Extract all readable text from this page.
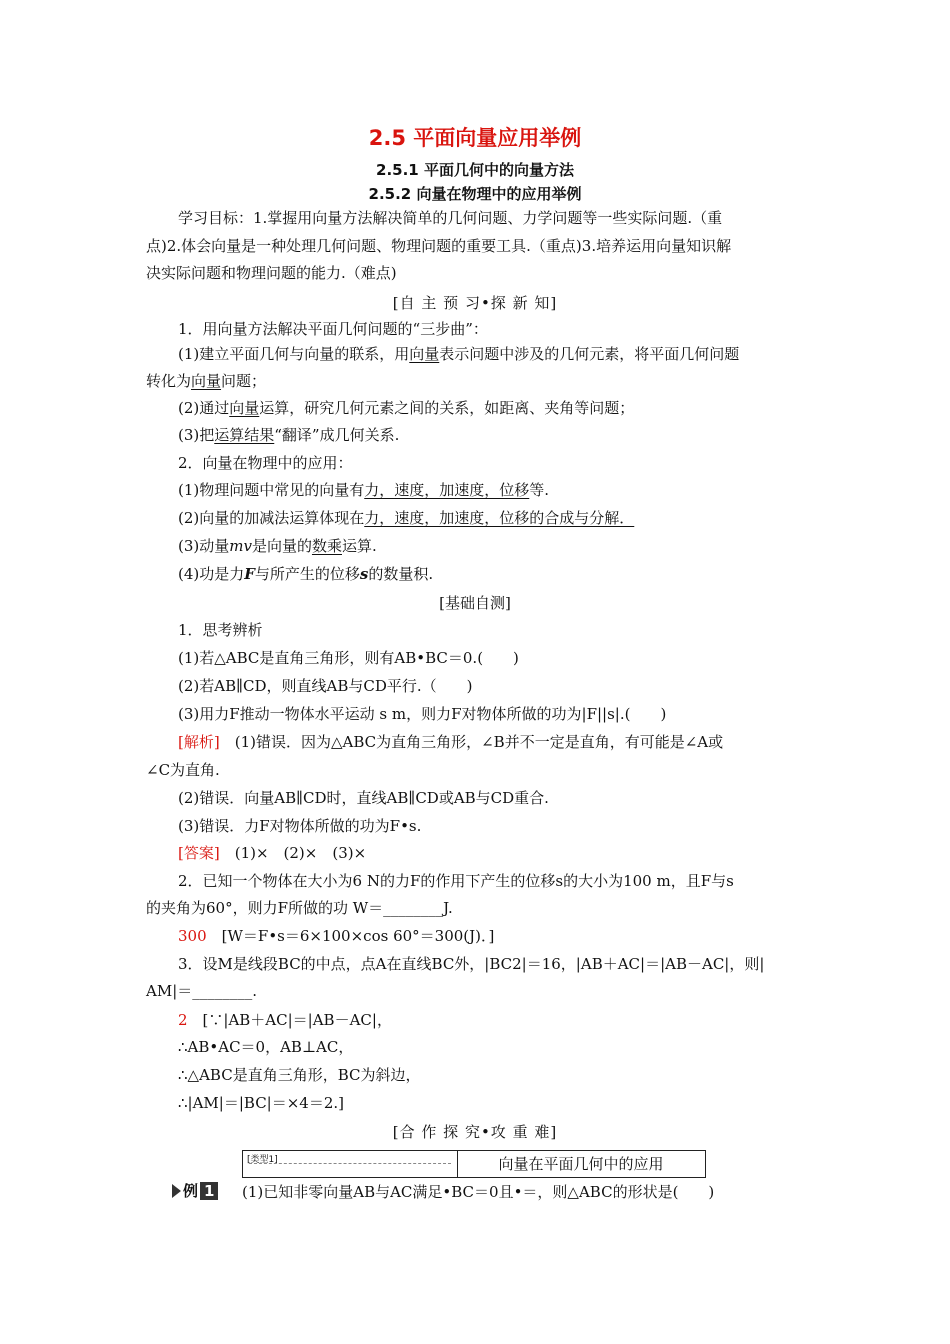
2.5 平面向量应用举例
2.5.1 平面几何中的向量方法
2.5.2 向量在物理中的应用举例
学习目标：1.掌握用向量方法解决简单的几何问题、力学问题等一些实际问题.（重
点)2.体会向量是一种处理几何问题、物理问题的重要工具.（重点)3.培养运用向量知识解
决实际问题和物理问题的能力.（难点)
[自 主 预 习•探 新 知]
1．用向量方法解决平面几何问题的“三步曲”：
(1)建立平面几何与向量的联系，用向量表示问题中涉及的几何元素，将平面几何问题
转化为向量问题；
(2)通过向量运算，研究几何元素之间的关系，如距离、夹角等问题；
(3)把运算结果“翻译”成几何关系.
2．向量在物理中的应用：
(1)物理问题中常见的向量有力，速度，加速度，位移等.
(2)向量的加减法运算体现在力，速度，加速度，位移的合成与分解．
(3)动量mv是向量的数乘运算.
(4)功是力F与所产生的位移s的数量积.
[基础自测]
1．思考辨析
(1)若△ABC是直角三角形，则有AB•BC＝0.(　　)
(2)若AB∥CD，则直线AB与CD平行.（　　)
(3)用力F推动一物体水平运动 s m，则力F对物体所做的功为|F||s|.(　　)
[解析]　(1)错误．因为△ABC为直角三角形，∠B并不一定是直角，有可能是∠A或
∠C为直角.
(2)错误．向量AB∥CD时，直线AB∥CD或AB与CD重合.
(3)错误．力F对物体所做的功为F•s.
[答案]　(1)×　(2)×　(3)×
2．已知一个物体在大小为6 N的力F的作用下产生的位移s的大小为100 m，且F与s
的夹角为60°，则力F所做的功 W＝________J.
300　[W＝F•s＝6×100×cos 60°＝300(J)．]
3．设M是线段BC的中点，点A在直线BC外，|BC2|＝16，|AB＋AC|＝|AB－AC|，则|
AM|＝________.
2　[∵|AB＋AC|＝|AB－AC|，
∴AB•AC＝0，AB⊥AC，
∴△ABC是直角三角形，BC为斜边，
∴|AM|＝|BC|＝×4＝2.]
[合 作 探 究•攻 重 难]
[类型1]	向量在平面几何中的应用
例 1 (1)已知非零向量AB与AC满足•BC＝0且•＝，则△ABC的形状是(　　)
